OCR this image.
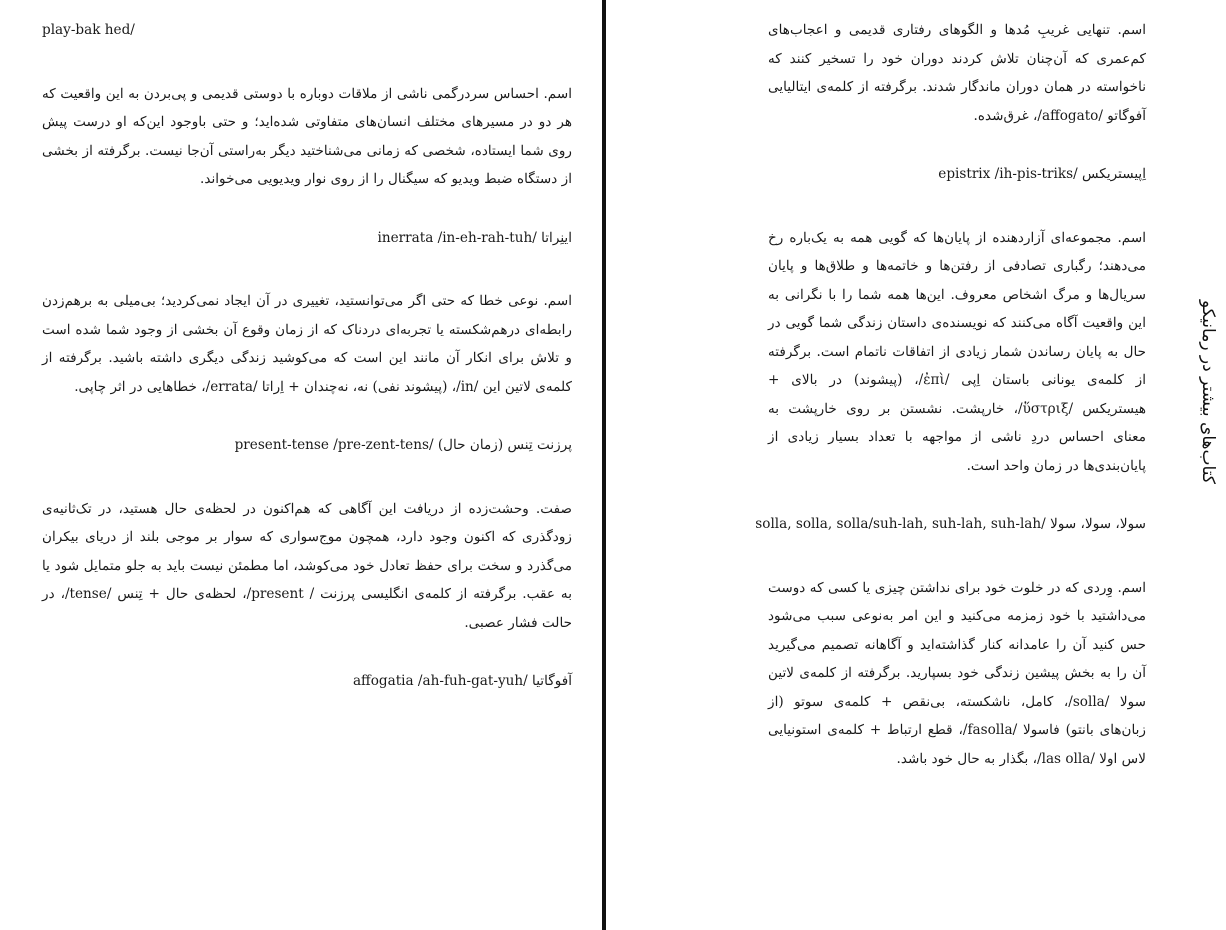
play-bak hed/

اسم. احساس سردرگمی ناشی از ملاقات دوباره با دوستی قدیمی و پی‌بردن به این واقعیت که هر دو در مسیرهای مختلف انسان‌های متفاوتی شده‌اید؛ و حتی باوجود این‌که او درست پیش روی شما ایستاده، شخصی که زمانی می‌شناختید دیگر به‌راستی آن‌جا نیست. برگرفته از بخشی از دستگاه ضبط ویدیو که سیگنال را از روی نوار ویدیویی می‌خواند.

اینِراتا /inerrata /in-eh-rah-tuh

اسم. نوعی خطا که حتی اگر می‌توانستید، تغییری در آن ایجاد نمی‌کردید؛ بی‌میلی به برهم‌زدن رابطه‌ای درهم‌شکسته یا تجربه‌ای دردناک که از زمان وقوع آن بخشی از وجود شما شده است و تلاش برای انکار آن مانند این است که می‌کوشید زندگی دیگری داشته باشید. برگرفته از کلمه‌ی لاتین این /in/، (پیشوند نفی) نه، نه‌چندان + اِراتا /errata/، خطاهایی در اثر چاپی.

پرزنت تِنس (زمان حال) /present-tense /pre-zent-tens

صفت. وحشت‌زده از دریافت این آگاهی که هم‌اکنون در لحظه‌ی حال هستید، در تک‌ثانیه‌ی زودگذری که اکنون وجود دارد، همچون موج‌سواری که سوار بر موجی بلند از دریای بیکران می‌گذرد و سخت برای حفظ تعادل خود می‌کوشد، اما مطمئن نیست باید به جلو متمایل شود یا به عقب. برگرفته از کلمه‌ی انگلیسی پرزنت / present/، لحظه‌ی حال + تِنس /tense/، در حالت فشار عصبی.

آفوگاتیا /affogatia /ah-fuh-gat-yuh

اسم. تنهایی غریبِ مُدها و الگوهای رفتاری قدیمی و اعجاب‌های کم‌عمری که آن‌چنان تلاش کردند دوران خود را تسخیر کنند که ناخواسته در همان دوران ماندگار شدند. برگرفته از کلمه‌ی ایتالیایی آفوگاتو /affogato/، غرق‌شده.

اِپیستریکس /epistrix /ih-pis-triks

اسم. مجموعه‌ای آزاردهنده از پایان‌ها که گویی همه به یک‌باره رخ می‌دهند؛ رگباری تصادفی از رفتن‌ها و خاتمه‌ها و طلاق‌ها و پایان سریال‌ها و مرگ اشخاص معروف. این‌ها همه شما را با نگرانی به این واقعیت آگاه می‌کنند که نویسنده‌ی داستان زندگی شما گویی در حال به پایان رساندن شمار زیادی از اتفاقات ناتمام است. برگرفته از کلمه‌ی یونانی باستان اِپی /ἐπὶ/، (پیشوند) در بالای + هیستریکس /ὕστριξ/، خارپشت. نشستن بر روی خارپشت به معنای احساس دردِ ناشی از مواجهه با تعداد بسیار زیادی از پایان‌بندی‌ها در زمان واحد است.

سولا، سولا، سولا /solla, solla, solla/suh-lah, suh-lah, suh-lah

اسم. وِردی که در خلوت خود برای نداشتن چیزی یا کسی که دوست می‌داشتید با خود زمزمه می‌کنید و این امر به‌نوعی سبب می‌شود حس کنید آن را عامدانه کنار گذاشته‌اید و آگاهانه تصمیم می‌گیرید آن را به بخش پیشین زندگی خود بسپارید. برگرفته از کلمه‌ی لاتین سولا /solla/، کامل، ناشکسته، بی‌نقص + کلمه‌ی سوتو (از زبان‌های بانتو) فاسولا /fasolla/، قطع ارتباط + کلمه‌ی استونیایی لاس اولا /las olla/، بگذار به حال خود باشد.

کتاب‌های بیشتر در رمانیکو
